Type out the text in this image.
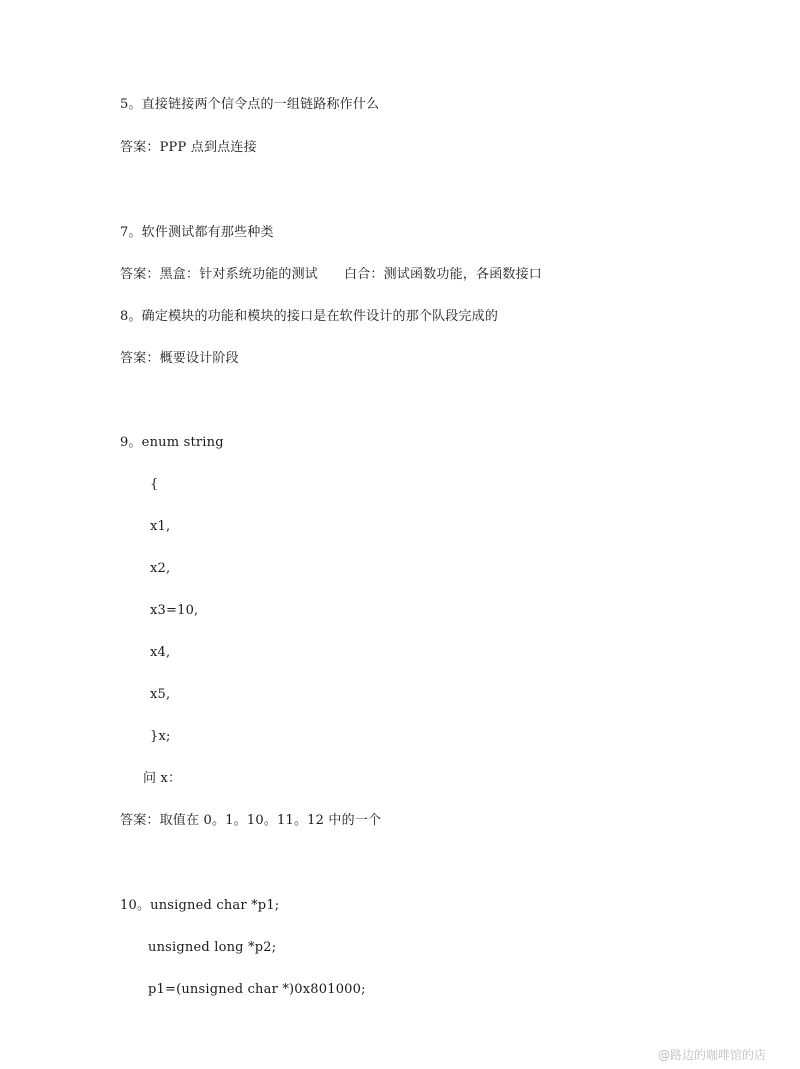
5。直接链接两个信令点的一组链路称作什么
答案：PPP 点到点连接
7。软件测试都有那些种类
答案：黑盒：针对系统功能的测试      白合：测试函数功能，各函数接口
8。确定模块的功能和模块的接口是在软件设计的那个队段完成的
答案：概要设计阶段
9。enum string
{
x1,
x2,
x3=10,
x4,
x5,
}x;
问 x：
答案：取值在 0。1。10。11。12 中的一个
10。unsigned char *p1;
unsigned long *p2;
p1=(unsigned char *)0x801000;
@路边的咖啡馆的店
